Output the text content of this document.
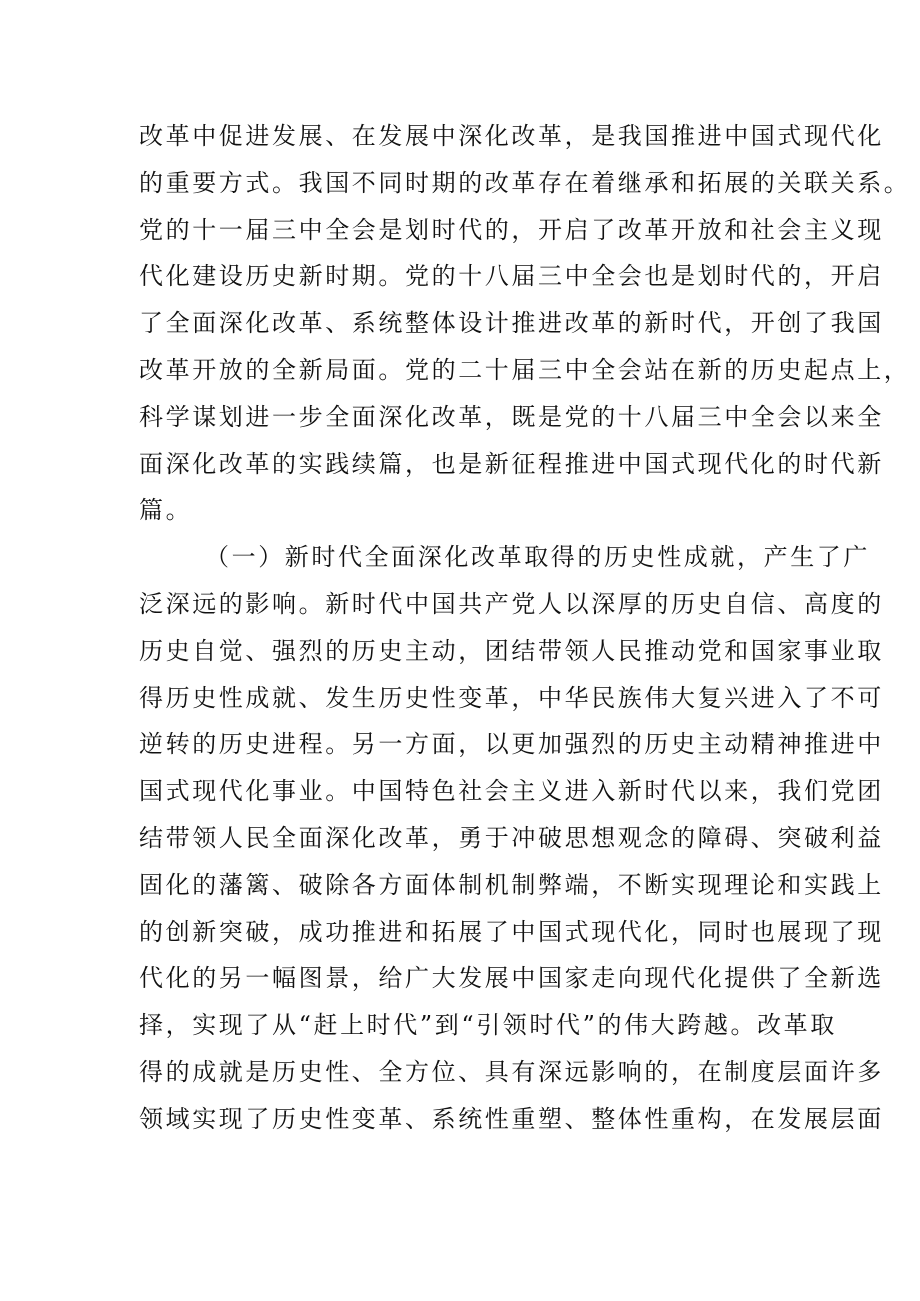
改革中促进发展、在发展中深化改革，是我国推进中国式现代化
的重要方式。我国不同时期的改革存在着继承和拓展的关联关系。
党的十一届三中全会是划时代的，开启了改革开放和社会主义现
代化建设历史新时期。党的十八届三中全会也是划时代的，开启
了全面深化改革、系统整体设计推进改革的新时代，开创了我国
改革开放的全新局面。党的二十届三中全会站在新的历史起点上，
科学谋划进一步全面深化改革，既是党的十八届三中全会以来全
面深化改革的实践续篇，也是新征程推进中国式现代化的时代新
篇。
（一）新时代全面深化改革取得的历史性成就，产生了广
泛深远的影响。新时代中国共产党人以深厚的历史自信、高度的
历史自觉、强烈的历史主动，团结带领人民推动党和国家事业取
得历史性成就、发生历史性变革，中华民族伟大复兴进入了不可
逆转的历史进程。另一方面，以更加强烈的历史主动精神推进中
国式现代化事业。中国特色社会主义进入新时代以来，我们党团
结带领人民全面深化改革，勇于冲破思想观念的障碍、突破利益
固化的藩篱、破除各方面体制机制弊端，不断实现理论和实践上
的创新突破，成功推进和拓展了中国式现代化，同时也展现了现
代化的另一幅图景，给广大发展中国家走向现代化提供了全新选
择，实现了从“赶上时代”到“引领时代”的伟大跨越。改革取
得的成就是历史性、全方位、具有深远影响的，在制度层面许多
领域实现了历史性变革、系统性重塑、整体性重构，在发展层面
